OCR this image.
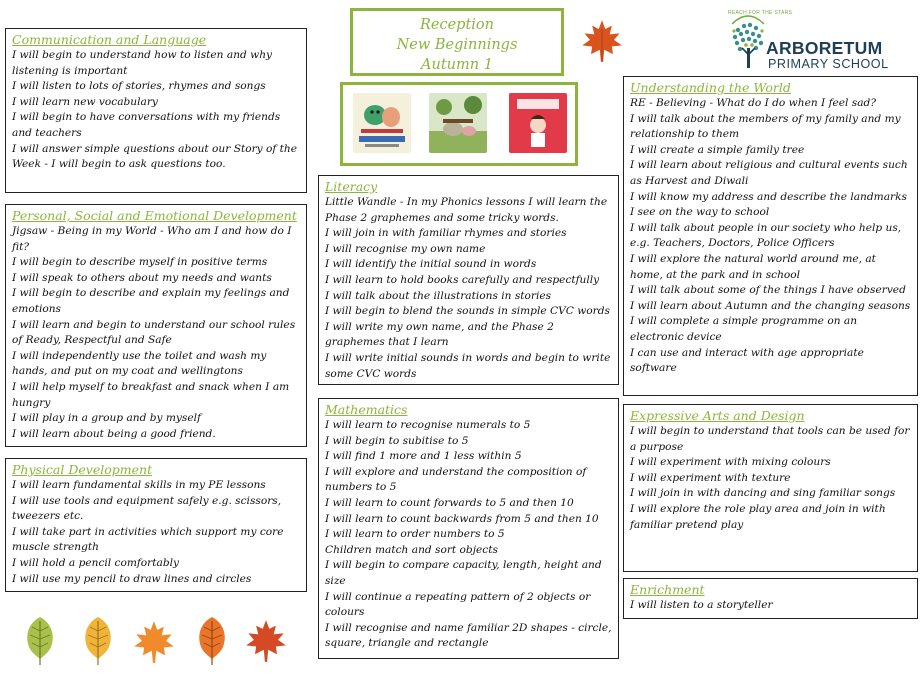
Reception
New Beginnings
Autumn 1
ARBORETUM
PRIMARY SCHOOL
REACH FOR THE STARS
Communication and Language
I will begin to understand how to listen and why listening is important
I will listen to lots of stories, rhymes and songs
I will learn new vocabulary
I will begin to have conversations with my friends and teachers
I will answer simple questions about our Story of the Week - I will begin to ask questions too.
Personal, Social and Emotional Development
Jigsaw - Being in my World - Who am I and how do I fit?
I will begin to describe myself in positive terms
I will speak to others about my needs and wants
I will begin to describe and explain my feelings and emotions
I will learn and begin to understand our school rules of Ready, Respectful and Safe
I will independently use the toilet and wash my hands, and put on my coat and wellingtons
I will help myself to breakfast and snack when I am hungry
I will play in a group and by myself
I will learn about being a good friend.
Physical Development
I will learn fundamental skills in my PE lessons
I will use tools and equipment safely e.g. scissors, tweezers etc.
I will take part in activities which support my core muscle strength
I will hold a pencil comfortably
I will use my pencil to draw lines and circles
Literacy
Little Wandle - In my Phonics lessons I will learn the Phase 2 graphemes and some tricky words.
I will join in with familiar rhymes and stories
I will recognise my own name
I will identify the initial sound in words
I will learn to hold books carefully and respectfully
I will talk about the illustrations in stories
I will begin to blend the sounds in simple CVC words
I will write my own name, and the Phase 2 graphemes that I learn
I will write initial sounds in words and begin to write some CVC words
Mathematics
I will learn to recognise numerals to 5
I will begin to subitise to 5
I will find 1 more and 1 less within 5
I will explore and understand the composition of numbers to 5
I will learn to count forwards to 5 and then 10
I will learn to count backwards from 5 and then 10
I will learn to order numbers to 5
Children match and sort objects
I will begin to compare capacity, length, height and size
I will continue a repeating pattern of 2 objects or colours
I will recognise and name familiar 2D shapes - circle, square, triangle and rectangle
Understanding the World
RE - Believing - What do I do when I feel sad?
I will talk about the members of my family and my relationship to them
I will create a simple family tree
I will learn about religious and cultural events such as Harvest and Diwali
I will know my address and describe the landmarks I see on the way to school
I will talk about people in our society who help us, e.g. Teachers, Doctors, Police Officers
I will explore the natural world around me, at home, at the park and in school
I will talk about some of the things I have observed
I will learn about Autumn and the changing seasons
I will complete a simple programme on an electronic device
I can use and interact with age appropriate software
Expressive Arts and Design
I will begin to understand that tools can be used for a purpose
I will experiment with mixing colours
I will experiment with texture
I will join in with dancing and sing familiar songs
I will explore the role play area and join in with familiar pretend play
Enrichment
I will listen to a storyteller
